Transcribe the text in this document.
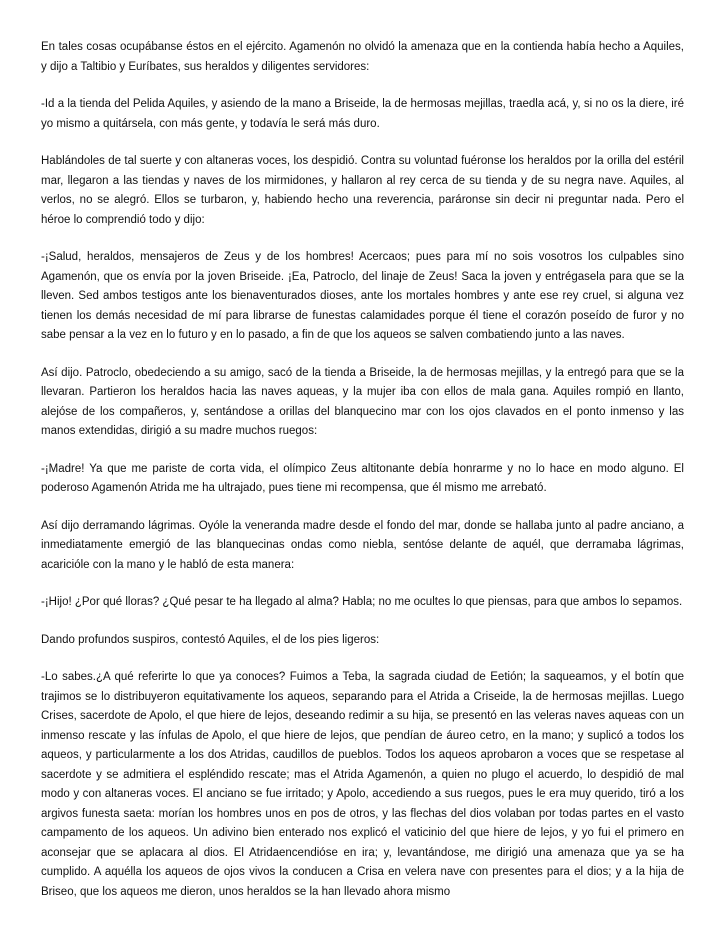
En tales cosas ocupábanse éstos en el ejército. Agamenón no olvidó la amenaza que en la contienda había hecho a Aquiles, y dijo a Taltibio y Euríbates, sus heraldos y diligentes servidores:

-Id a la tienda del Pelida Aquiles, y asiendo de la mano a Briseide, la de hermosas mejillas, traedla acá, y, si no os la diere, iré yo mismo a quitársela, con más gente, y todavía le será más duro.

Hablándoles de tal suerte y con altaneras voces, los despidió. Contra su voluntad fuéronse los heraldos por la orilla del estéril mar, llegaron a las tiendas y naves de los mirmidones, y hallaron al rey cerca de su tienda y de su negra nave. Aquiles, al verlos, no se alegró. Ellos se turbaron, y, habiendo hecho una reverencia, paráronse sin decir ni preguntar nada. Pero el héroe lo comprendió todo y dijo:

-¡Salud, heraldos, mensajeros de Zeus y de los hombres! Acercaos; pues para mí no sois vosotros los culpables sino Agamenón, que os envía por la joven Briseide. ¡Ea, Patroclo, del linaje de Zeus! Saca la joven y entrégasela para que se la lleven. Sed ambos testigos ante los bienaventurados dioses, ante los mortales hombres y ante ese rey cruel, si alguna vez tienen los demás necesidad de mí para librarse de funestas calamidades porque él tiene el corazón poseído de furor y no sabe pensar a la vez en lo futuro y en lo pasado, a fin de que los aqueos se salven combatiendo junto a las naves.

Así dijo. Patroclo, obedeciendo a su amigo, sacó de la tienda a Briseide, la de hermosas mejillas, y la entregó para que se la llevaran. Partieron los heraldos hacia las naves aqueas, y la mujer iba con ellos de mala gana. Aquiles rompió en llanto, alejóse de los compañeros, y, sentándose a orillas del blanquecino mar con los ojos clavados en el ponto inmenso y las manos extendidas, dirigió a su madre muchos ruegos:

-¡Madre! Ya que me pariste de corta vida, el olímpico Zeus altitonante debía honrarme y no lo hace en modo alguno. El poderoso Agamenón Atrida me ha ultrajado, pues tiene mi recompensa, que él mismo me arrebató.

Así dijo derramando lágrimas. Oyóle la veneranda madre desde el fondo del mar, donde se hallaba junto al padre anciano, a inmediatamente emergió de las blanquecinas ondas como niebla, sentóse delante de aquél, que derramaba lágrimas, acaricióle con la mano y le habló de esta manera:

-¡Hijo! ¿Por qué lloras? ¿Qué pesar te ha llegado al alma? Habla; no me ocultes lo que piensas, para que ambos lo sepamos.

Dando profundos suspiros, contestó Aquiles, el de los pies ligeros:

-Lo sabes.¿A qué referirte lo que ya conoces? Fuimos a Teba, la sagrada ciudad de Eetión; la saqueamos, y el botín que trajimos se lo distribuyeron equitativamente los aqueos, separando para el Atrida a Criseide, la de hermosas mejillas. Luego Crises, sacerdote de Apolo, el que hiere de lejos, deseando redimir a su hija, se presentó en las veleras naves aqueas con un inmenso rescate y las ínfulas de Apolo, el que hiere de lejos, que pendían de áureo cetro, en la mano; y suplicó a todos los aqueos, y particularmente a los dos Atridas, caudillos de pueblos. Todos los aqueos aprobaron a voces que se respetase al sacerdote y se admitiera el espléndido rescate; mas el Atrida Agamenón, a quien no plugo el acuerdo, lo despidió de mal modo y con altaneras voces. El anciano se fue irritado; y Apolo, accediendo a sus ruegos, pues le era muy querido, tiró a los argivos funesta saeta: morían los hombres unos en pos de otros, y las flechas del dios volaban por todas partes en el vasto campamento de los aqueos. Un adivino bien enterado nos explicó el vaticinio del que hiere de lejos, y yo fui el primero en aconsejar que se aplacara al dios. El Atridaencendióse en ira; y, levantándose, me dirigió una amenaza que ya se ha cumplido. A aquélla los aqueos de ojos vivos la conducen a Crisa en velera nave con presentes para el dios; y a la hija de Briseo, que los aqueos me dieron, unos heraldos se la han llevado ahora mismo
